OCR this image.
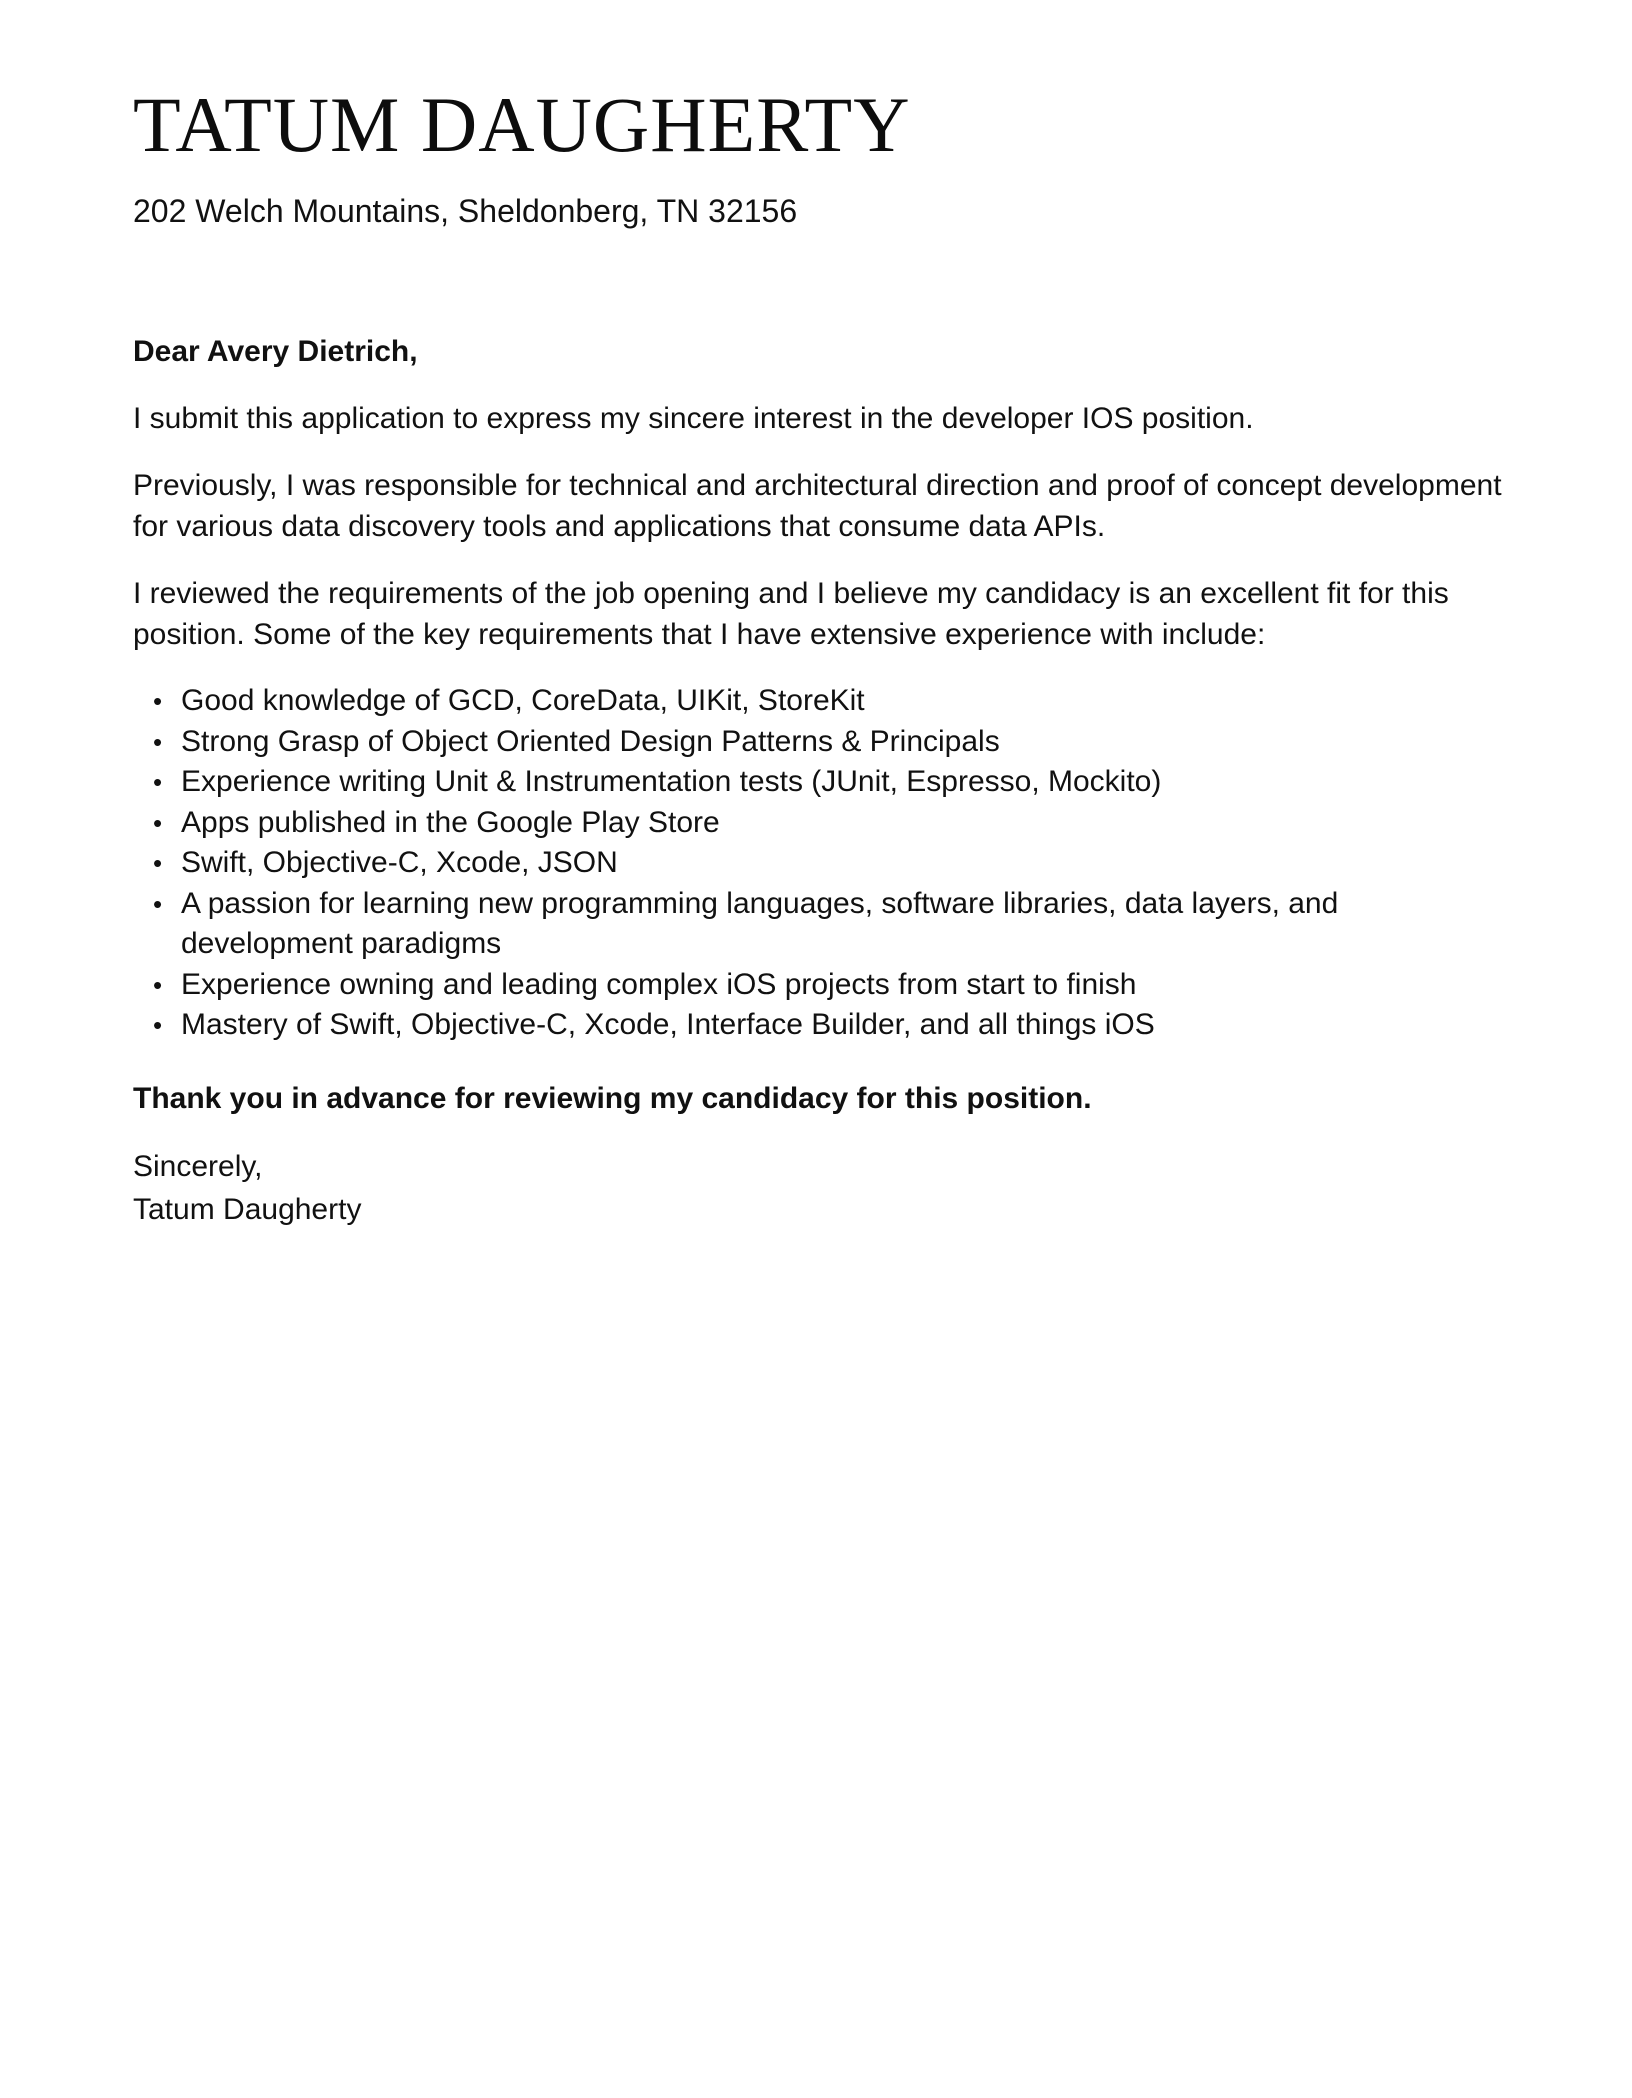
TATUM DAUGHERTY
202 Welch Mountains, Sheldonberg, TN 32156

Dear Avery Dietrich,

I submit this application to express my sincere interest in the developer IOS position.

Previously, I was responsible for technical and architectural direction and proof of concept development for various data discovery tools and applications that consume data APIs.

I reviewed the requirements of the job opening and I believe my candidacy is an excellent fit for this position. Some of the key requirements that I have extensive experience with include:

• Good knowledge of GCD, CoreData, UIKit, StoreKit
• Strong Grasp of Object Oriented Design Patterns & Principals
• Experience writing Unit & Instrumentation tests (JUnit, Espresso, Mockito)
• Apps published in the Google Play Store
• Swift, Objective-C, Xcode, JSON
• A passion for learning new programming languages, software libraries, data layers, and development paradigms
• Experience owning and leading complex iOS projects from start to finish
• Mastery of Swift, Objective-C, Xcode, Interface Builder, and all things iOS

Thank you in advance for reviewing my candidacy for this position.

Sincerely,
Tatum Daugherty
